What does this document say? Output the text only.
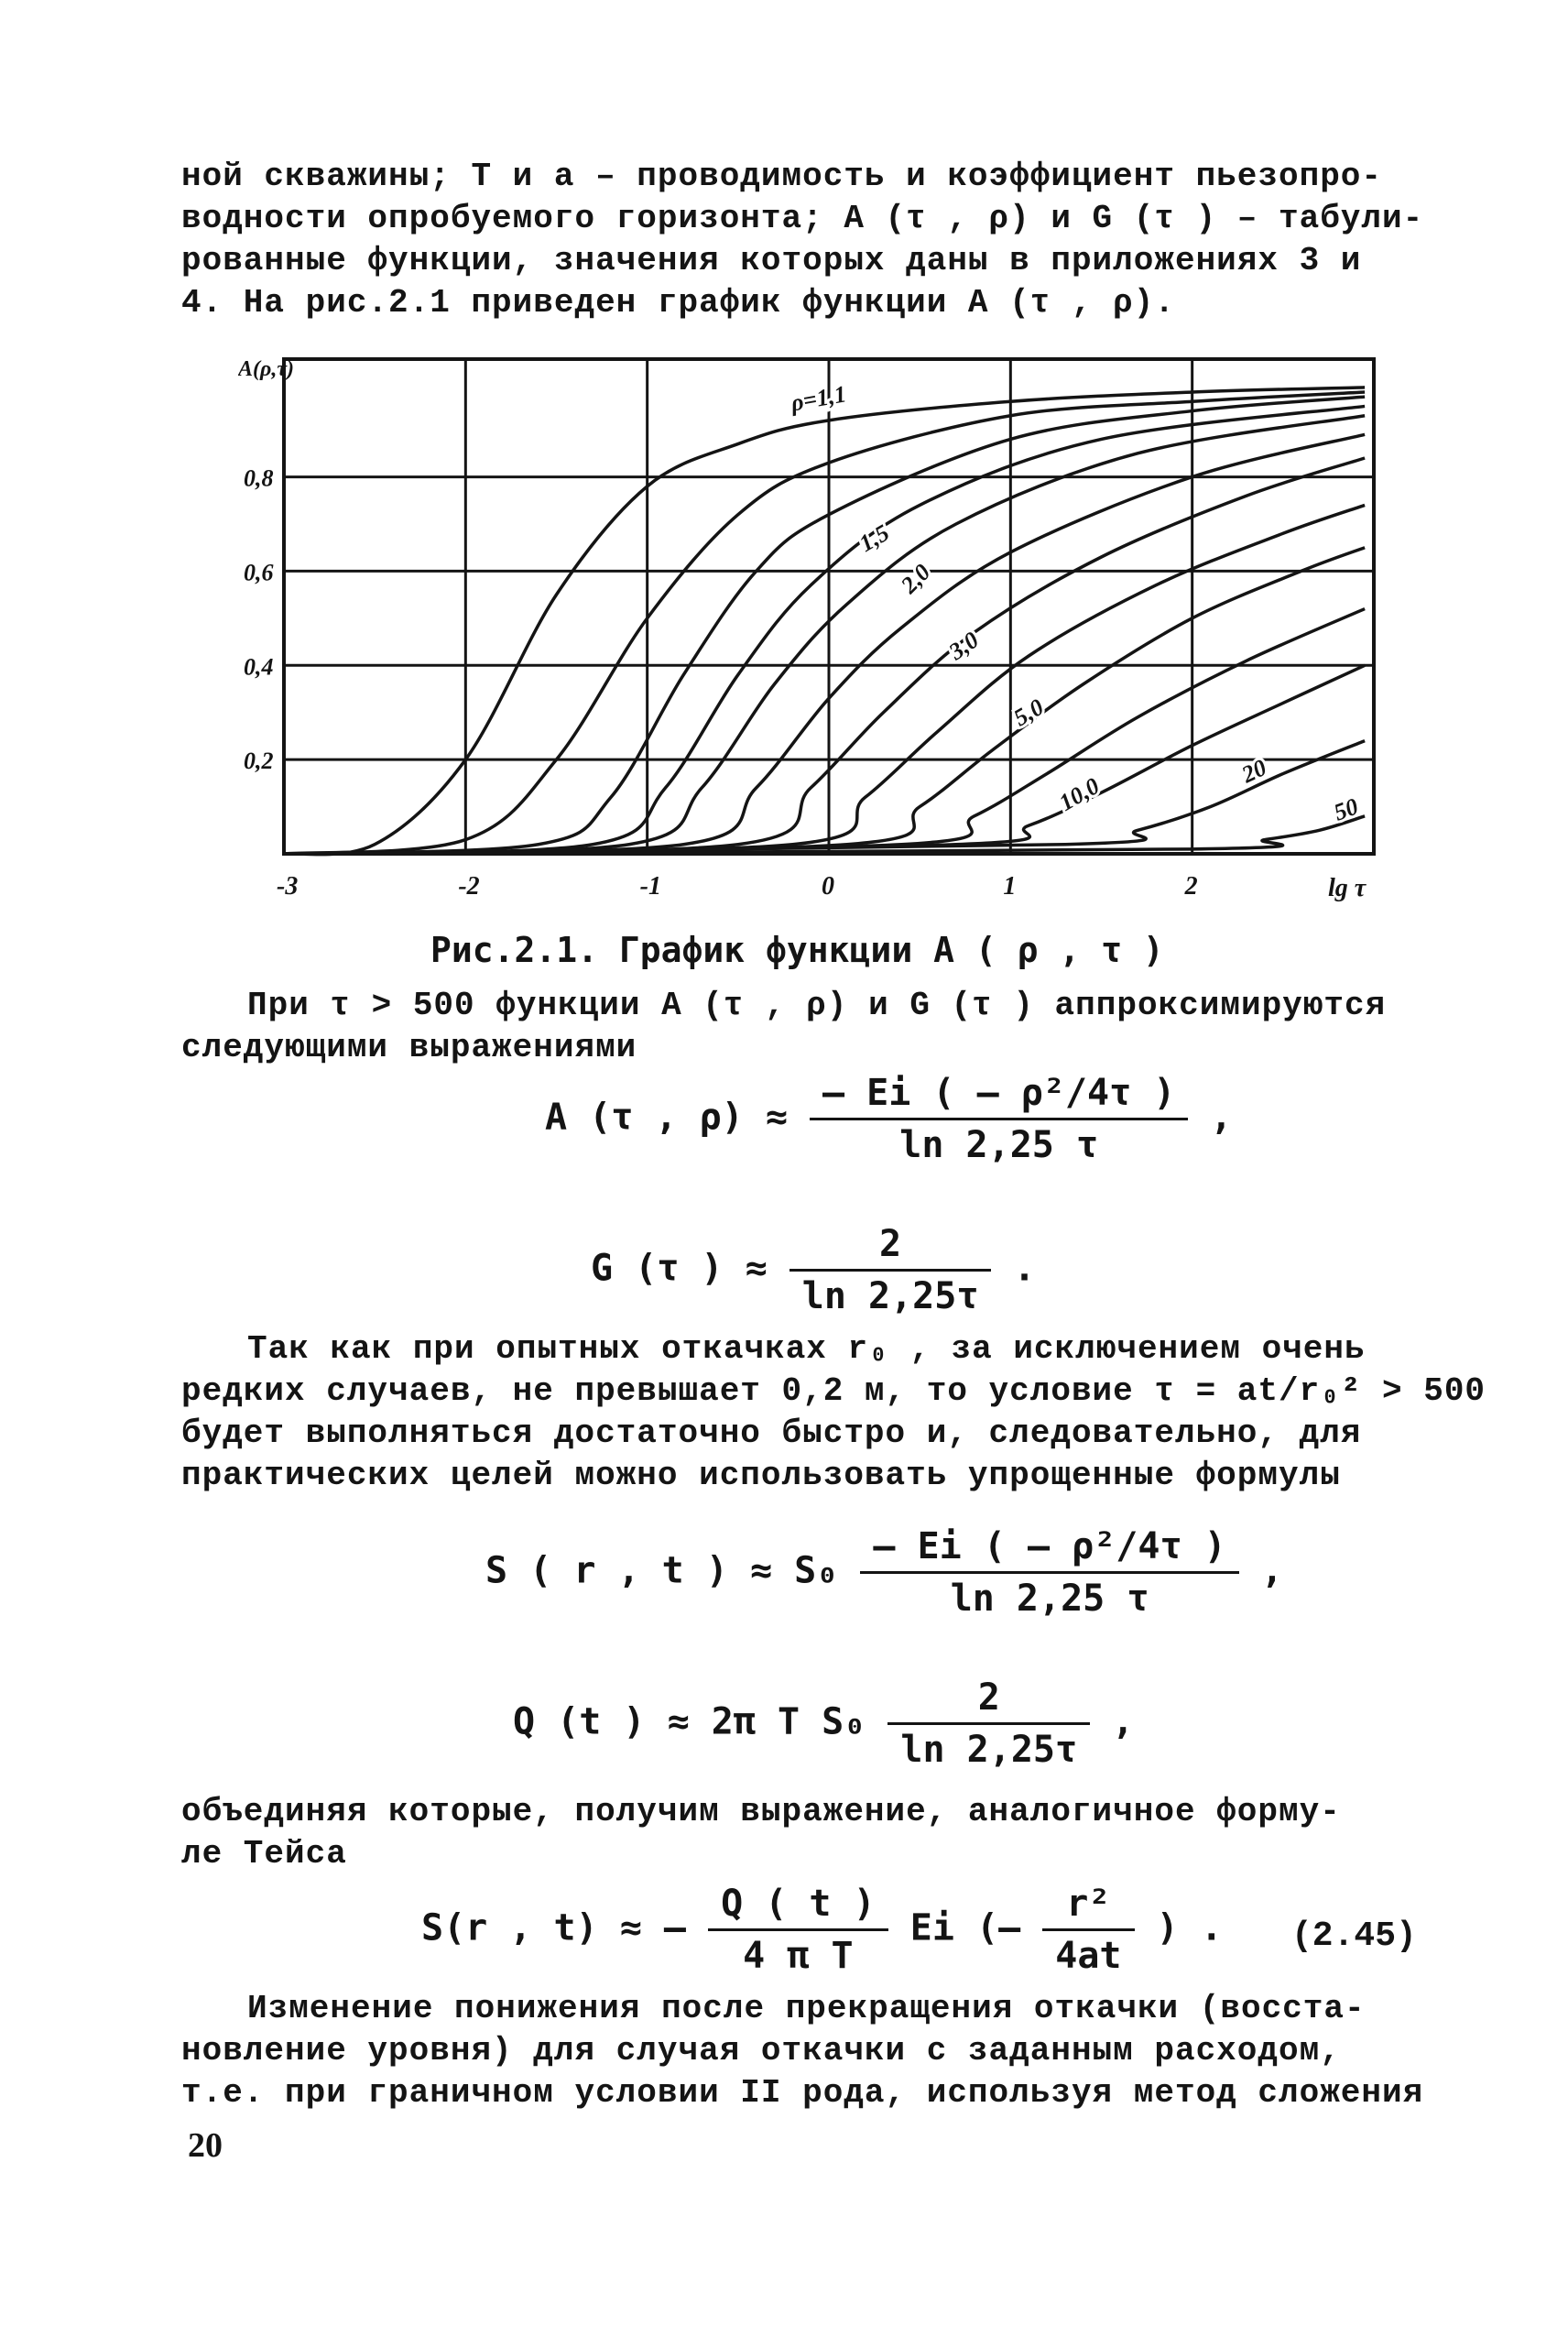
ной скважины; T и a – проводимость и коэффициент пьезопро-
водности опробуемого горизонта; A (τ , ρ) и G (τ ) – табули-
рованные функции, значения которых даны в приложениях 3 и
4. На рис.2.1 приведен график функции A (τ , ρ).
ρ=1,1
1,5
2,0
3,0
5,0
10,0
20
50
A(ρ,τ)
0,2
0,4
0,6
0,8
-3	-2	-1	0	1	2	lg τ
Рис.2.1. График функции A ( ρ , τ )
При τ > 500 функции A (τ , ρ) и G (τ ) аппроксимируются
следующими выражениями
A (τ , $\rho) \approx \frac{\text{– Ei ( – ρ²/4τ )}}{\ln 2,25 \tau}$ ,
G (τ ) ≈ $\frac{2}{\ln 2,25\tau}$ .
Так как при опытных откачках r₀ , за исключением очень
редких случаев, не превышает 0,2 м, то условие τ = at/r₀² > 500
будет выполняться достаточно быстро и, следовательно, для
практических целей можно использовать упрощенные формулы
S ( r , t ) ≈ $S_0 \frac{\text{– Ei ( – ρ²/4τ )}}{\ln 2,25 \tau}$ ,
Q (t ) ≈ 2π T $S_0 \frac{2}{\ln 2,25\tau}$ ,
объединяя которые, получим выражение, аналогичное форму-
ле Тейса
S(r , t) ≈ – $\frac{Q ( t )}{\text{4 π T}}$ Ei (– $\frac{\text{r²}}{4at}$ ) . (2.45)
Изменение понижения после прекращения откачки (восста-
новление уровня) для случая откачки с заданным расходом,
т.е. при граничном условии II рода, используя метод сложения
20
